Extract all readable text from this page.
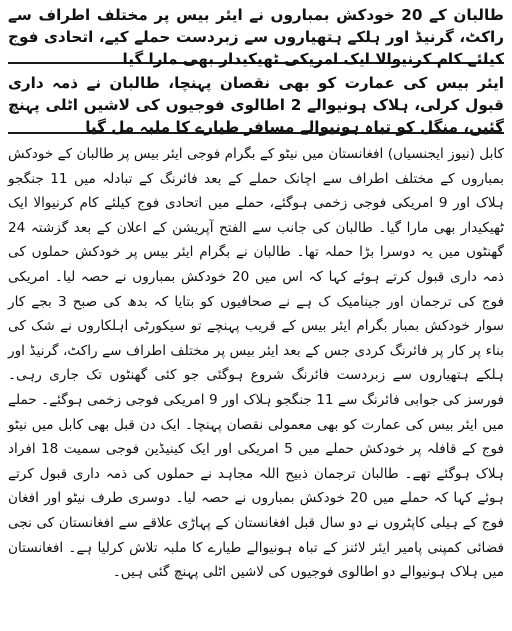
طالبان کے 20 خودکش بمباروں نے ایئر بیس پر مختلف اطراف سے راکٹ، گرنیڈ اور ہلکے ہتھیاروں سے زبردست حملے کیے، اتحادی فوج کیلئے کام کرنیوالا ایک امریکی ٹھیکیدار بھی مارا گیا
ایئر بیس کی عمارت کو بھی نقصان پہنچا، طالبان نے ذمہ داری قبول کرلی، ہلاک ہونیوالے 2 اطالوی فوجیوں کی لاشیں اٹلی پہنچ گئیں، منگل کو تباہ ہونیوالے مسافر طیارے کا ملبہ مل گیا

کابل (نیوز ایجنسیاں) افغانستان میں نیٹو کے بگرام فوجی ایئر بیس پر طالبان کے خودکش بمباروں کے مختلف اطراف سے اچانک حملے کے بعد فائرنگ کے تبادلہ میں 11 جنگجو ہلاک اور 9 امریکی فوجی زخمی ہوگئے، حملے میں اتحادی فوج کیلئے کام کرنیوالا ایک ٹھیکیدار بھی مارا گیا۔ طالبان کی جانب سے الفتح آپریشن کے اعلان کے بعد گزشتہ 24 گھنٹوں میں یہ دوسرا بڑا حملہ تھا۔ طالبان نے بگرام ایئر بیس پر خودکش حملوں کی ذمہ داری قبول کرتے ہوئے کہا کہ اس میں 20 خودکش بمباروں نے حصہ لیا۔ امریکی فوج کی ترجمان اور جینامیک ک ہے نے صحافیوں کو بتایا کہ بدھ کی صبح 3 بجے کار سوار خودکش بمبار بگرام ایئر بیس کے قریب پہنچے تو سیکورٹی اہلکاروں نے شک کی بناء پر کار پر فائرنگ کردی جس کے بعد ایئر بیس پر مختلف اطراف سے راکٹ، گرنیڈ اور ہلکے ہتھیاروں سے زبردست فائرنگ شروع ہوگئی جو کئی گھنٹوں تک جاری رہی۔ فورسز کی جوابی فائرنگ سے 11 جنگجو ہلاک اور 9 امریکی فوجی زخمی ہوگئے۔ حملے میں ایئر بیس کی عمارت کو بھی معمولی نقصان پہنچا۔ ایک دن قبل بھی کابل میں نیٹو فوج کے قافلہ پر خودکش حملے میں 5 امریکی اور ایک کینیڈین فوجی سمیت 18 افراد ہلاک ہوگئے تھے۔ طالبان ترجمان ذبیح اللہ مجاہد نے حملوں کی ذمہ داری قبول کرتے ہوئے کہا کہ حملے میں 20 خودکش بمباروں نے حصہ لیا۔ دوسری طرف نیٹو اور افغان فوج کے ہیلی کاپٹروں نے دو سال قبل افغانستان کے پہاڑی علاقے سے افغانستان کی نجی فضائی کمپنی پامیر ایئر لائنز کے تباہ ہونیوالے طیارے کا ملبہ تلاش کرلیا ہے۔ افغانستان میں ہلاک ہونیوالے دو اطالوی فوجیوں کی لاشیں اٹلی پہنچ گئی ہیں۔
